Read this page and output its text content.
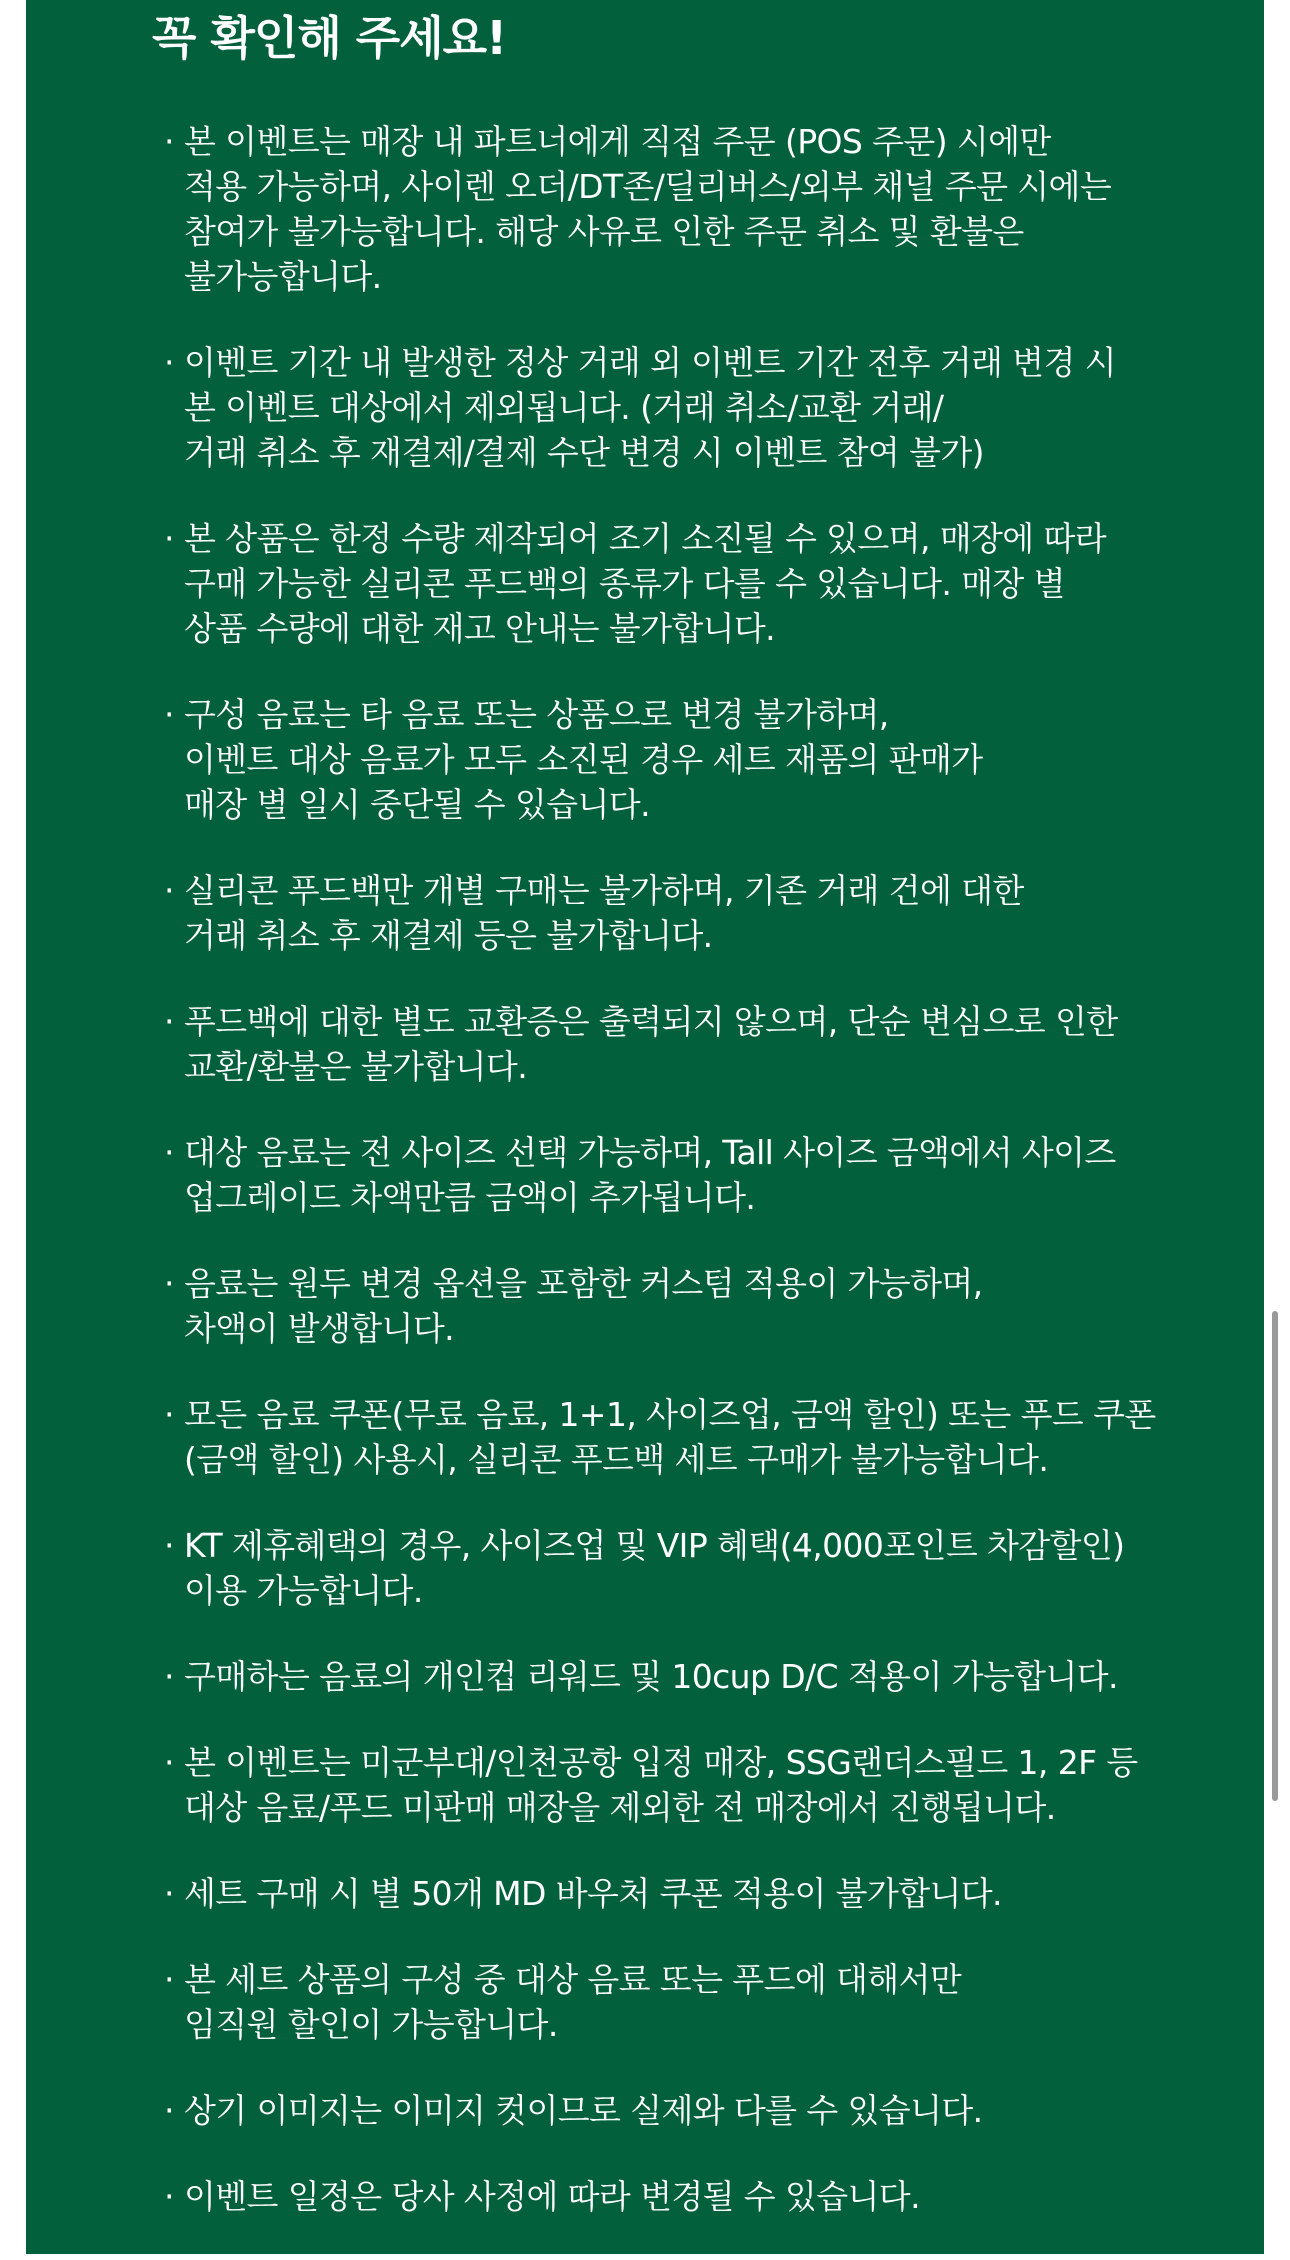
꼭 확인해 주세요!
· 본 이벤트는 매장 내 파트너에게 직접 주문 (POS 주문) 시에만
적용 가능하며, 사이렌 오더/DT존/딜리버스/외부 채널 주문 시에는
참여가 불가능합니다. 해당 사유로 인한 주문 취소 및 환불은
불가능합니다.
· 이벤트 기간 내 발생한 정상 거래 외 이벤트 기간 전후 거래 변경 시
본 이벤트 대상에서 제외됩니다. (거래 취소/교환 거래/
거래 취소 후 재결제/결제 수단 변경 시 이벤트 참여 불가)
· 본 상품은 한정 수량 제작되어 조기 소진될 수 있으며, 매장에 따라
구매 가능한 실리콘 푸드백의 종류가 다를 수 있습니다. 매장 별
상품 수량에 대한 재고 안내는 불가합니다.
· 구성 음료는 타 음료 또는 상품으로 변경 불가하며,
이벤트 대상 음료가 모두 소진된 경우 세트 재품의 판매가
매장 별 일시 중단될 수 있습니다.
· 실리콘 푸드백만 개별 구매는 불가하며, 기존 거래 건에 대한
거래 취소 후 재결제 등은 불가합니다.
· 푸드백에 대한 별도 교환증은 출력되지 않으며, 단순 변심으로 인한
교환/환불은 불가합니다.
· 대상 음료는 전 사이즈 선택 가능하며, Tall 사이즈 금액에서 사이즈
업그레이드 차액만큼 금액이 추가됩니다.
· 음료는 원두 변경 옵션을 포함한 커스텀 적용이 가능하며,
차액이 발생합니다.
· 모든 음료 쿠폰(무료 음료, 1+1, 사이즈업, 금액 할인) 또는 푸드 쿠폰
(금액 할인) 사용시, 실리콘 푸드백 세트 구매가 불가능합니다.
· KT 제휴혜택의 경우, 사이즈업 및 VIP 혜택(4,000포인트 차감할인)
이용 가능합니다.
· 구매하는 음료의 개인컵 리워드 및 10cup D/C 적용이 가능합니다.
· 본 이벤트는 미군부대/인천공항 입정 매장, SSG랜더스필드 1, 2F 등
대상 음료/푸드 미판매 매장을 제외한 전 매장에서 진행됩니다.
· 세트 구매 시 별 50개 MD 바우처 쿠폰 적용이 불가합니다.
· 본 세트 상품의 구성 중 대상 음료 또는 푸드에 대해서만
임직원 할인이 가능합니다.
· 상기 이미지는 이미지 컷이므로 실제와 다를 수 있습니다.
· 이벤트 일정은 당사 사정에 따라 변경될 수 있습니다.
